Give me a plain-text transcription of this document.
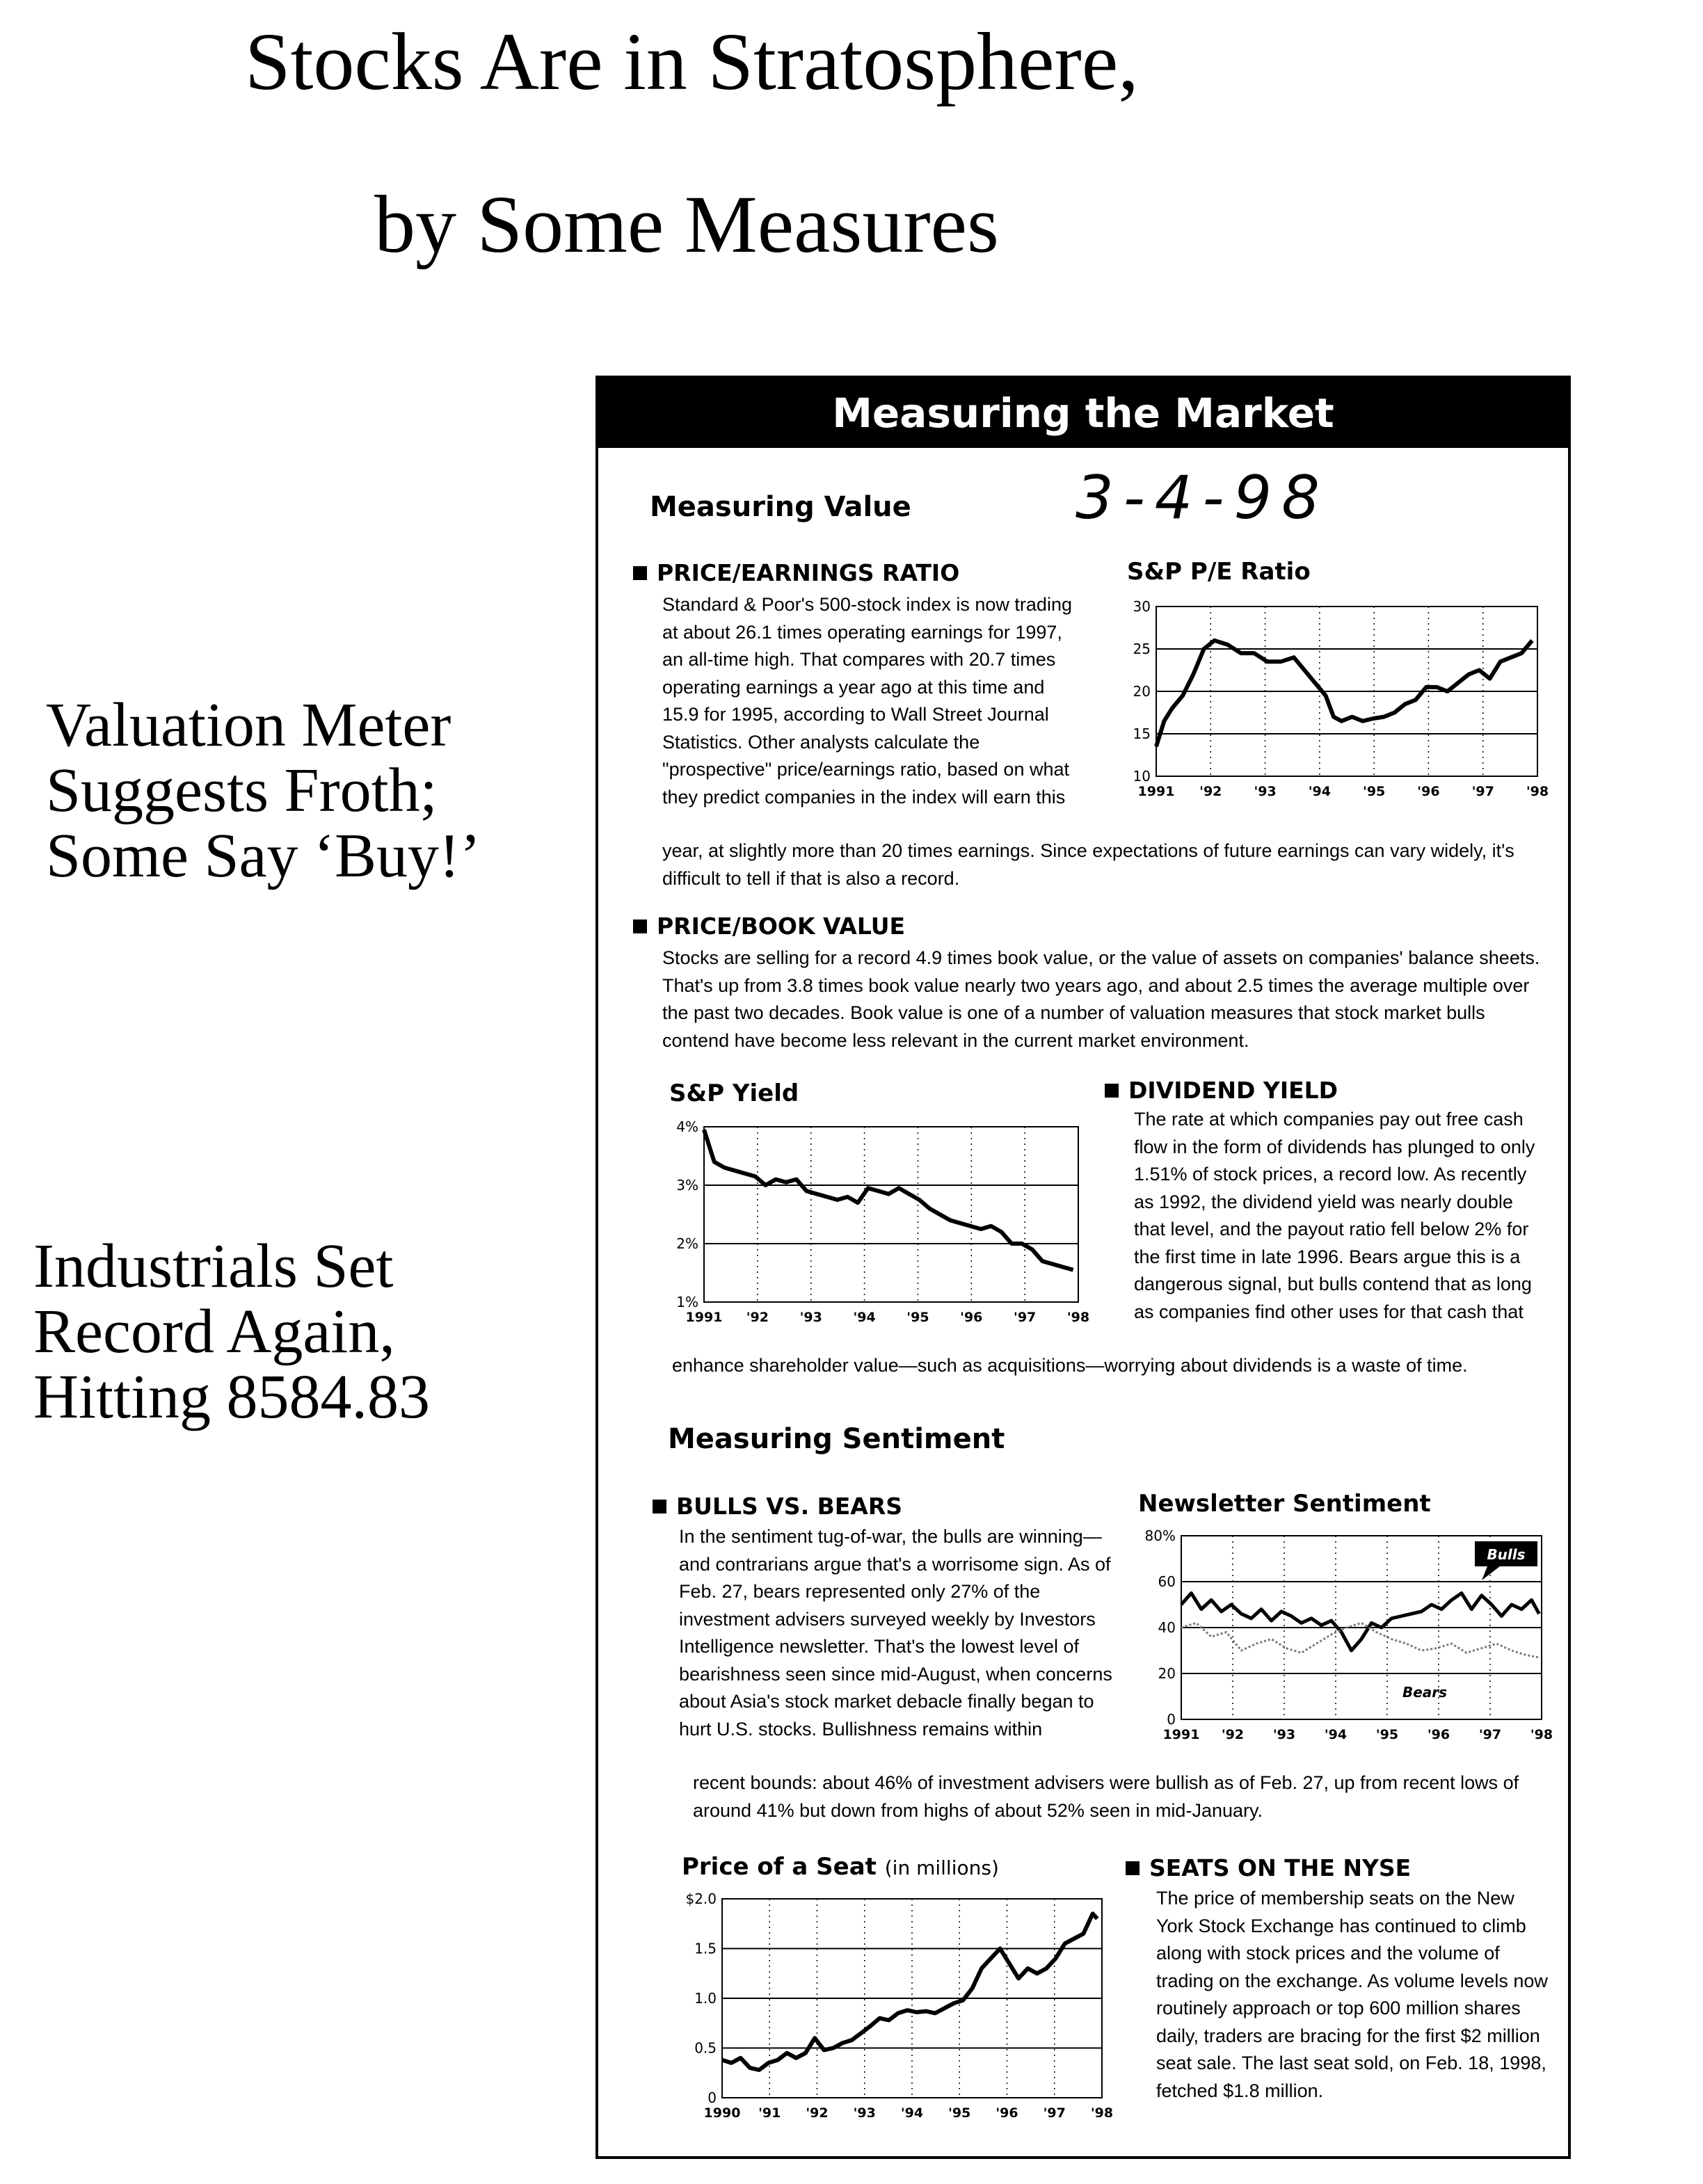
Stocks Are in Stratosphere,
by Some Measures
Valuation Meter
Suggests Froth;
Some Say ‘Buy!’
Industrials Set
Record Again,
Hitting 8584.83
Measuring the Market
Measuring Value	3-4-98
PRICE/EARNINGS RATIO

Standard & Poor's 500-stock index is now trading at about 26.1 times operating earnings for 1997, an all-time high. That compares with 20.7 times operating earnings a year ago at this time and 15.9 for 1995, according to Wall Street Journal Statistics. Other analysts calculate the "prospective" price/earnings ratio, based on what they predict companies in the index will earn this

year, at slightly more than 20 times earnings. Since expectations of future earnings can vary widely, it's difficult to tell if that is also a record.

S&P P/E Ratio
30
25
20
15
10
1991 '92 '93 '94 '95 '96 '97 '98
PRICE/BOOK VALUE

Stocks are selling for a record 4.9 times book value, or the value of assets on companies' balance sheets. That's up from 3.8 times book value nearly two years ago, and about 2.5 times the average multiple over the past two decades. Book value is one of a number of valuation measures that stock market bulls contend have become less relevant in the current market environment.

S&P Yield
4%
3%
2%
1%
1991 '92 '93 '94 '95 '96 '97 '98
DIVIDEND YIELD

The rate at which companies pay out free cash flow in the form of dividends has plunged to only 1.51% of stock prices, a record low. As recently as 1992, the dividend yield was nearly double that level, and the payout ratio fell below 2% for the first time in late 1996. Bears argue this is a dangerous signal, but bulls contend that as long as companies find other uses for that cash that

enhance shareholder value—such as acquisitions—worrying about dividends is a waste of time.

Measuring Sentiment
BULLS VS. BEARS

In the sentiment tug-of-war, the bulls are winning—and contrarians argue that's a worrisome sign. As of Feb. 27, bears represented only 27% of the investment advisers surveyed weekly by Investors Intelligence newsletter. That's the lowest level of bearishness seen since mid-August, when concerns about Asia's stock market debacle finally began to hurt U.S. stocks. Bullishness remains within

recent bounds: about 46% of investment advisers were bullish as of Feb. 27, up from recent lows of around 41% but down from highs of about 52% seen in mid-January.

Newsletter Sentiment
80%
60
40
20
0
1991 '92 '93 '94 '95 '96 '97 '98
Bulls
Bears
Price of a Seat (in millions)
$2.0
1.5
1.0
0.5
0
1990 '91 '92 '93 '94 '95 '96 '97 '98
SEATS ON THE NYSE

The price of membership seats on the New York Stock Exchange has continued to climb along with stock prices and the volume of trading on the exchange. As volume levels now routinely approach or top 600 million shares daily, traders are bracing for the first $2 million seat sale. The last seat sold, on Feb. 18, 1998, fetched $1.8 million.
